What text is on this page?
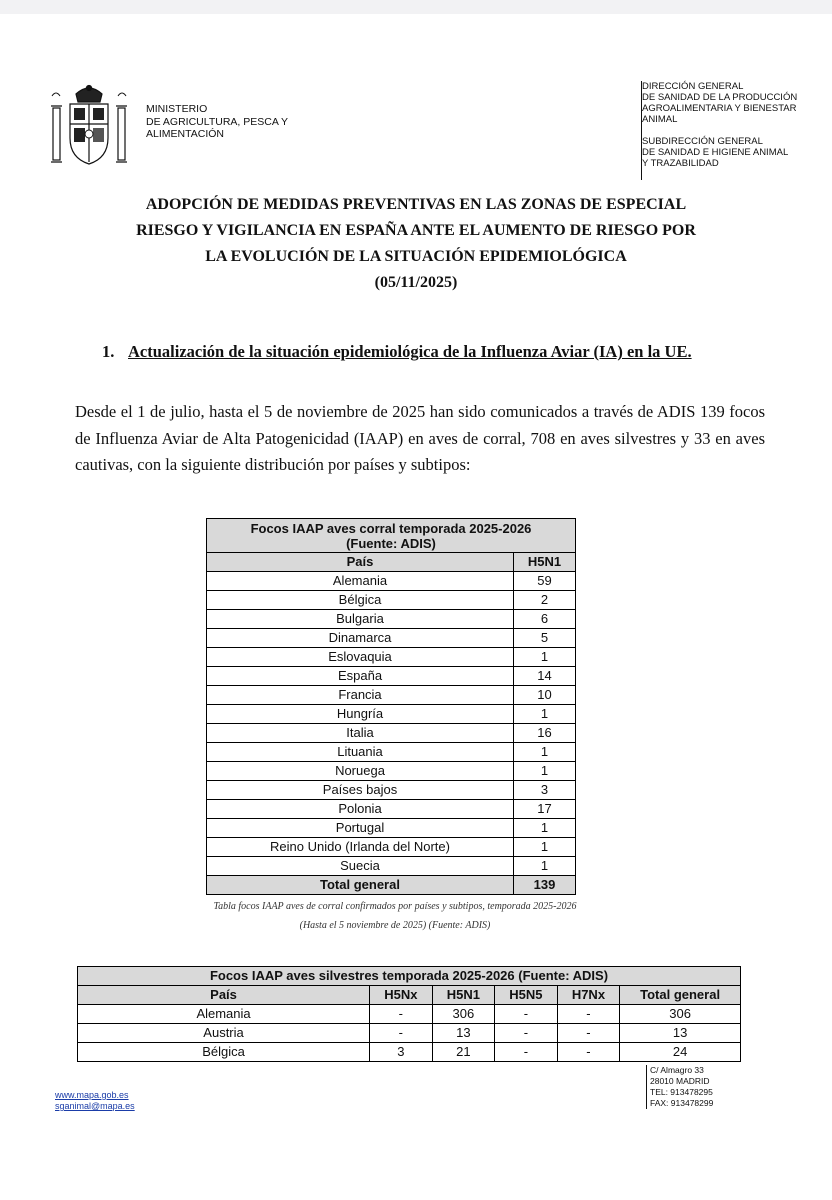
MINISTERIO
DE AGRICULTURA, PESCA Y
ALIMENTACIÓN
DIRECCIÓN GENERAL
DE SANIDAD DE LA PRODUCCIÓN
AGROALIMENTARIA Y BIENESTAR
ANIMAL
SUBDIRECCIÓN GENERAL
DE SANIDAD E HIGIENE ANIMAL
Y TRAZABILIDAD
ADOPCIÓN DE MEDIDAS PREVENTIVAS EN LAS ZONAS DE ESPECIAL
RIESGO Y VIGILANCIA EN ESPAÑA ANTE EL AUMENTO DE RIESGO POR
LA EVOLUCIÓN DE LA SITUACIÓN EPIDEMIOLÓGICA
(05/11/2025)
1. Actualización de la situación epidemiológica de la Influenza Aviar (IA) en la UE.
Desde el 1 de julio, hasta el 5 de noviembre de 2025 han sido comunicados a través de ADIS 139 focos de Influenza Aviar de Alta Patogenicidad (IAAP) en aves de corral, 708 en aves silvestres y 33 en aves cautivas, con la siguiente distribución por países y subtipos:
Focos IAAP aves corral temporada 2025-2026
(Fuente: ADIS)	

País	H5N1
Alemania	59
Bélgica	2
Bulgaria	6
Dinamarca	5
Eslovaquia	1
España	14
Francia	10
Hungría	1
Italia	16
Lituania	1
Noruega	1
Países bajos	3
Polonia	17
Portugal	1
Reino Unido (Irlanda del Norte)	1
Suecia	1
Total general	139
Tabla focos IAAP aves de corral confirmados por países y subtipos, temporada 2025-2026
(Hasta el 5 noviembre de 2025) (Fuente: ADIS)
Focos IAAP aves silvestres temporada 2025-2026 (Fuente: ADIS)					
País	H5Nx	H5N1	H5N5	H7Nx	Total general
Alemania	-	306	-	-	306
Austria	-	13	-	-	13
Bélgica	3	21	-	-	24
www.mapa.gob.es
sganimal@mapa.es
C/ Almagro 33
28010 MADRID
TEL: 913478295
FAX: 913478299
